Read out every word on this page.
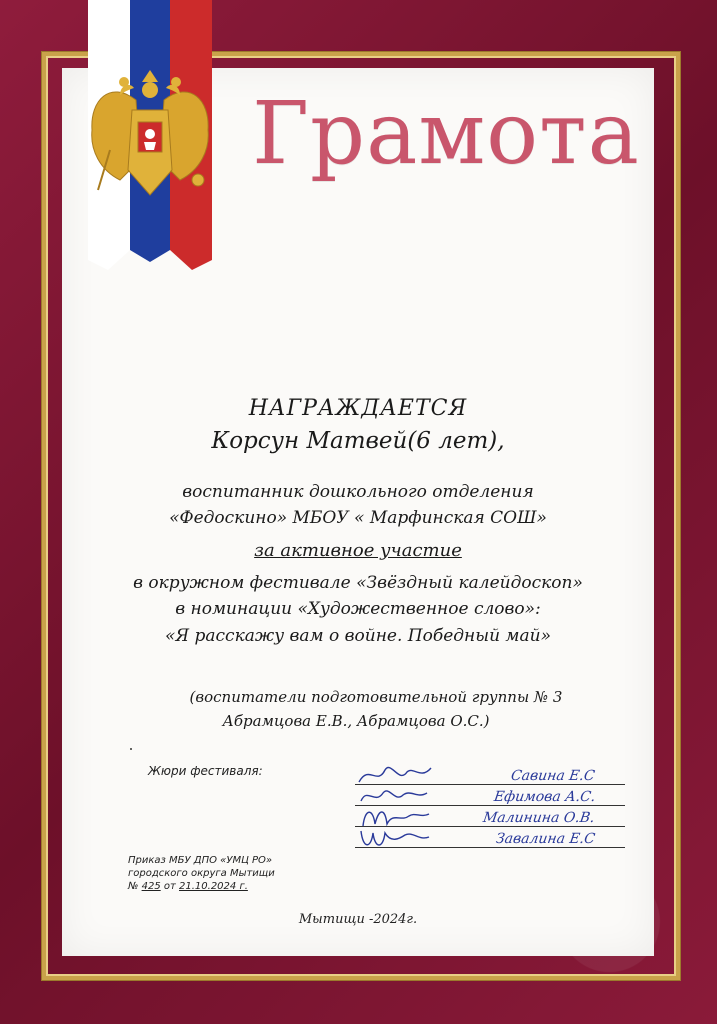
Грамота
НАГРАЖДАЕТСЯ
Корсун Матвей(6 лет),
воспитанник дошкольного отделения
«Федоскино» МБОУ « Марфинская СОШ»
за активное участие
в окружном фестивале «Звёздный калейдоскоп»
в номинации «Художественное слово»:
«Я расскажу вам о войне. Победный май»
(воспитатели подготовительной группы № 3
Абрамцова Е.В., Абрамцова О.С.)
Жюри фестиваля:	Савина Е.С
Ефимова А.С.
Малинина О.В.
Завалина Е.С
Приказ МБУ ДПО «УМЦ РО»
городского округа Мытищи
№ 425 от 21.10.2024 г.
Мытищи -2024г.
